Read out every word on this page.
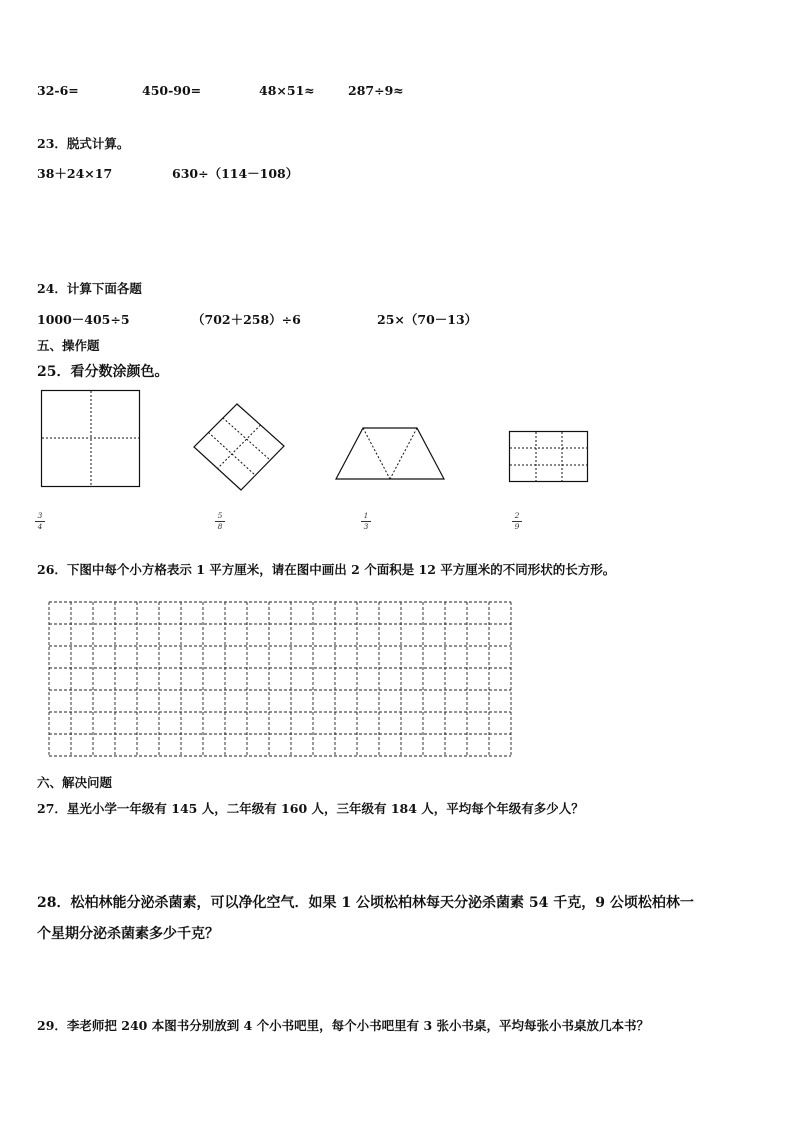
32-6=	450-90=	48×51≈	287÷9≈
23．脱式计算。
38＋24×17	630÷（114－108）
24．计算下面各题
1000－405÷5	（702＋258）÷6	25×（70－13）
五、操作题
25．看分数涂颜色。
3
4
5
8
1
3
2
9
26．下图中每个小方格表示 1 平方厘米，请在图中画出 2 个面积是 12 平方厘米的不同形状的长方形。
六、解决问题
27．星光小学一年级有 145 人，二年级有 160 人，三年级有 184 人，平均每个年级有多少人？
28．松柏林能分泌杀菌素，可以净化空气．如果 1 公顷松柏林每天分泌杀菌素 54 千克，9 公顷松柏林一
个星期分泌杀菌素多少千克？
29．李老师把 240 本图书分别放到 4 个小书吧里，每个小书吧里有 3 张小书桌，平均每张小书桌放几本书？
